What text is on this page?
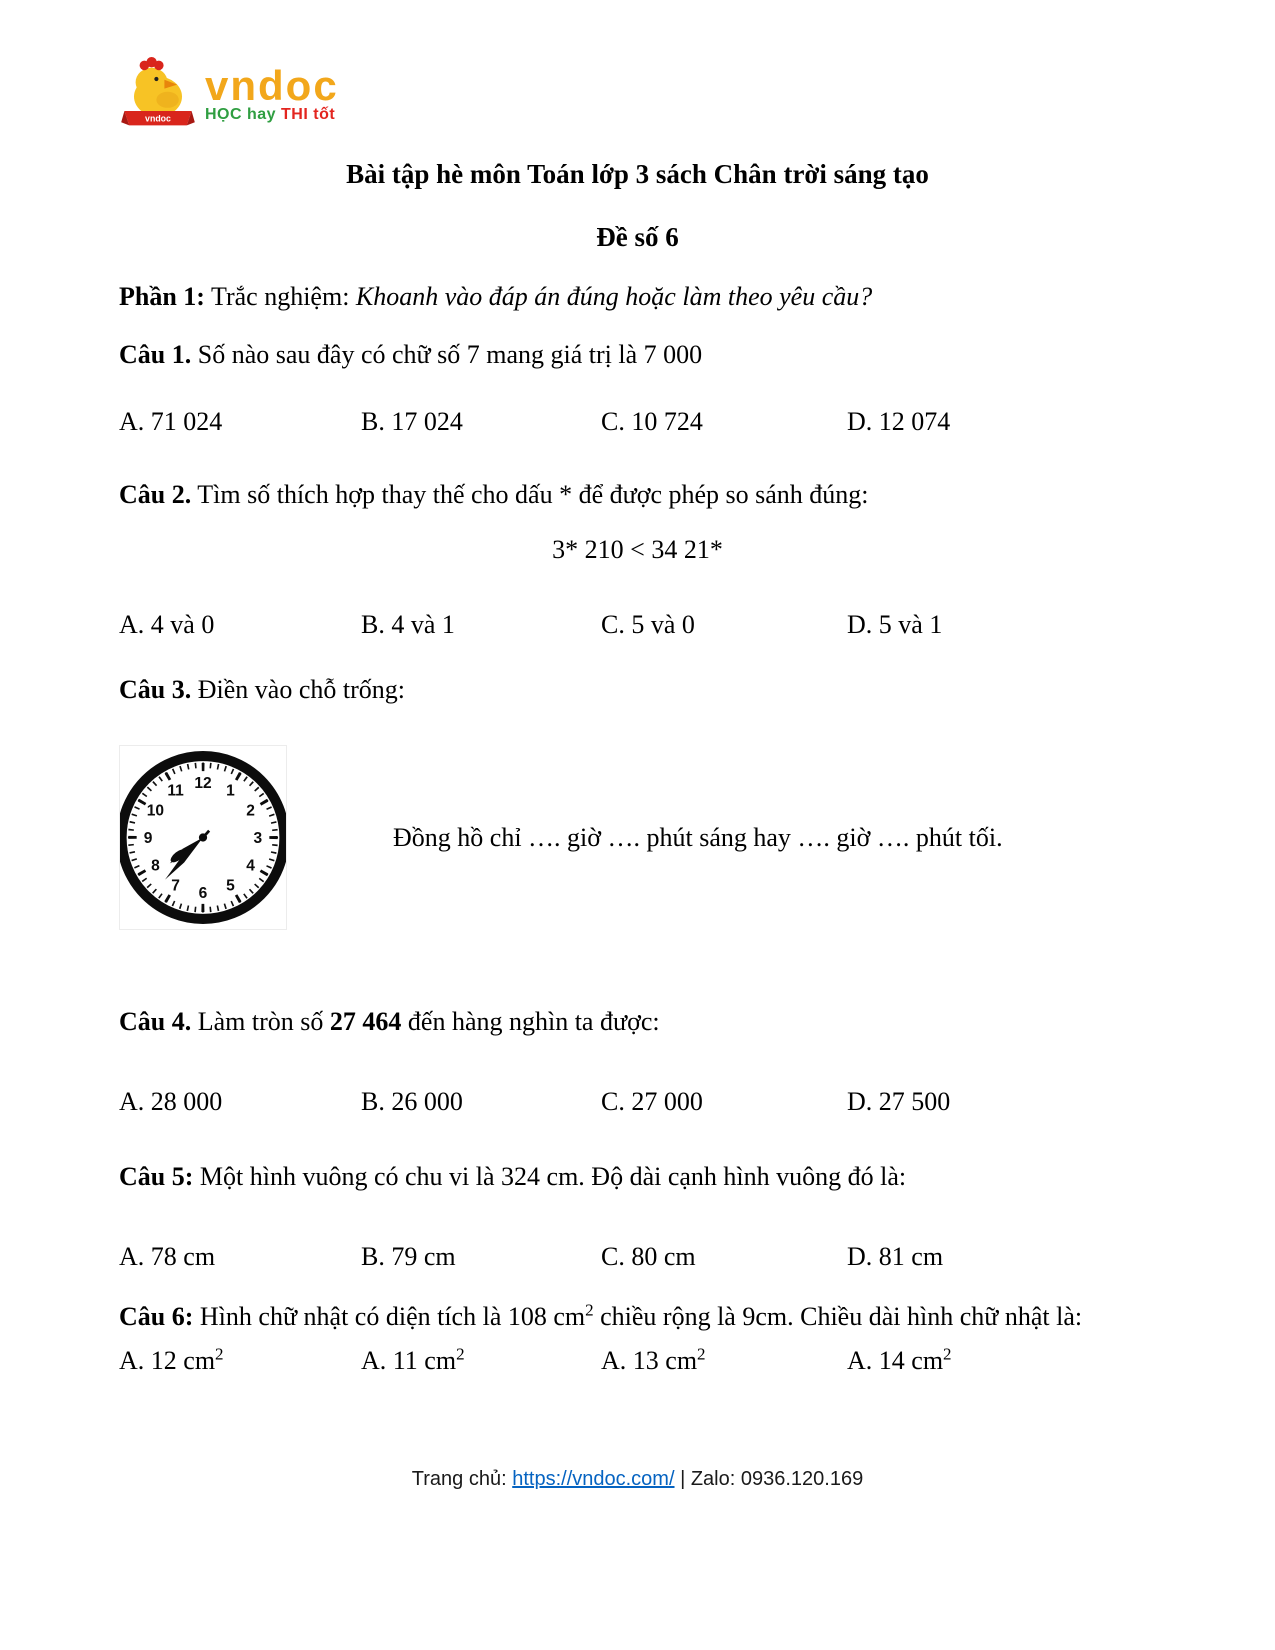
vndoc
vndoc
HỌC hay THI tốt
Bài tập hè môn Toán lớp 3 sách Chân trời sáng tạo
Đề số 6
Phần 1: Trắc nghiệm: Khoanh vào đáp án đúng hoặc làm theo yêu cầu?
Câu 1. Số nào sau đây có chữ số 7 mang giá trị là 7 000
A. 71 024	B. 17 024	C. 10 724	D. 12 074
Câu 2. Tìm số thích hợp thay thế cho dấu * để được phép so sánh đúng:
3* 210 < 34 21*
A. 4 và 0	B. 4 và 1	C. 5 và 0	D. 5 và 1
Câu 3. Điền vào chỗ trống:
12 1
2
3
4
5
6
7
8
9
10
11
Đồng hồ chỉ …. giờ …. phút sáng hay …. giờ …. phút tối.
Câu 4. Làm tròn số 27 464 đến hàng nghìn ta được:
A. 28 000	B. 26 000	C. 27 000	D. 27 500
Câu 5: Một hình vuông có chu vi là 324 cm. Độ dài cạnh hình vuông đó là:
A. 78 cm	B. 79 cm	C. 80 cm	D. 81 cm
Câu 6: Hình chữ nhật có diện tích là 108 $cm^2$ chiều rộng là 9cm. Chiều dài hình chữ nhật là:
A. 12 $cm^2$	A. 11 $cm^2$	A. 13 $cm^2$	A. 14 $cm^2$
Trang chủ: https://vndoc.com/ | Zalo: 0936.120.169
